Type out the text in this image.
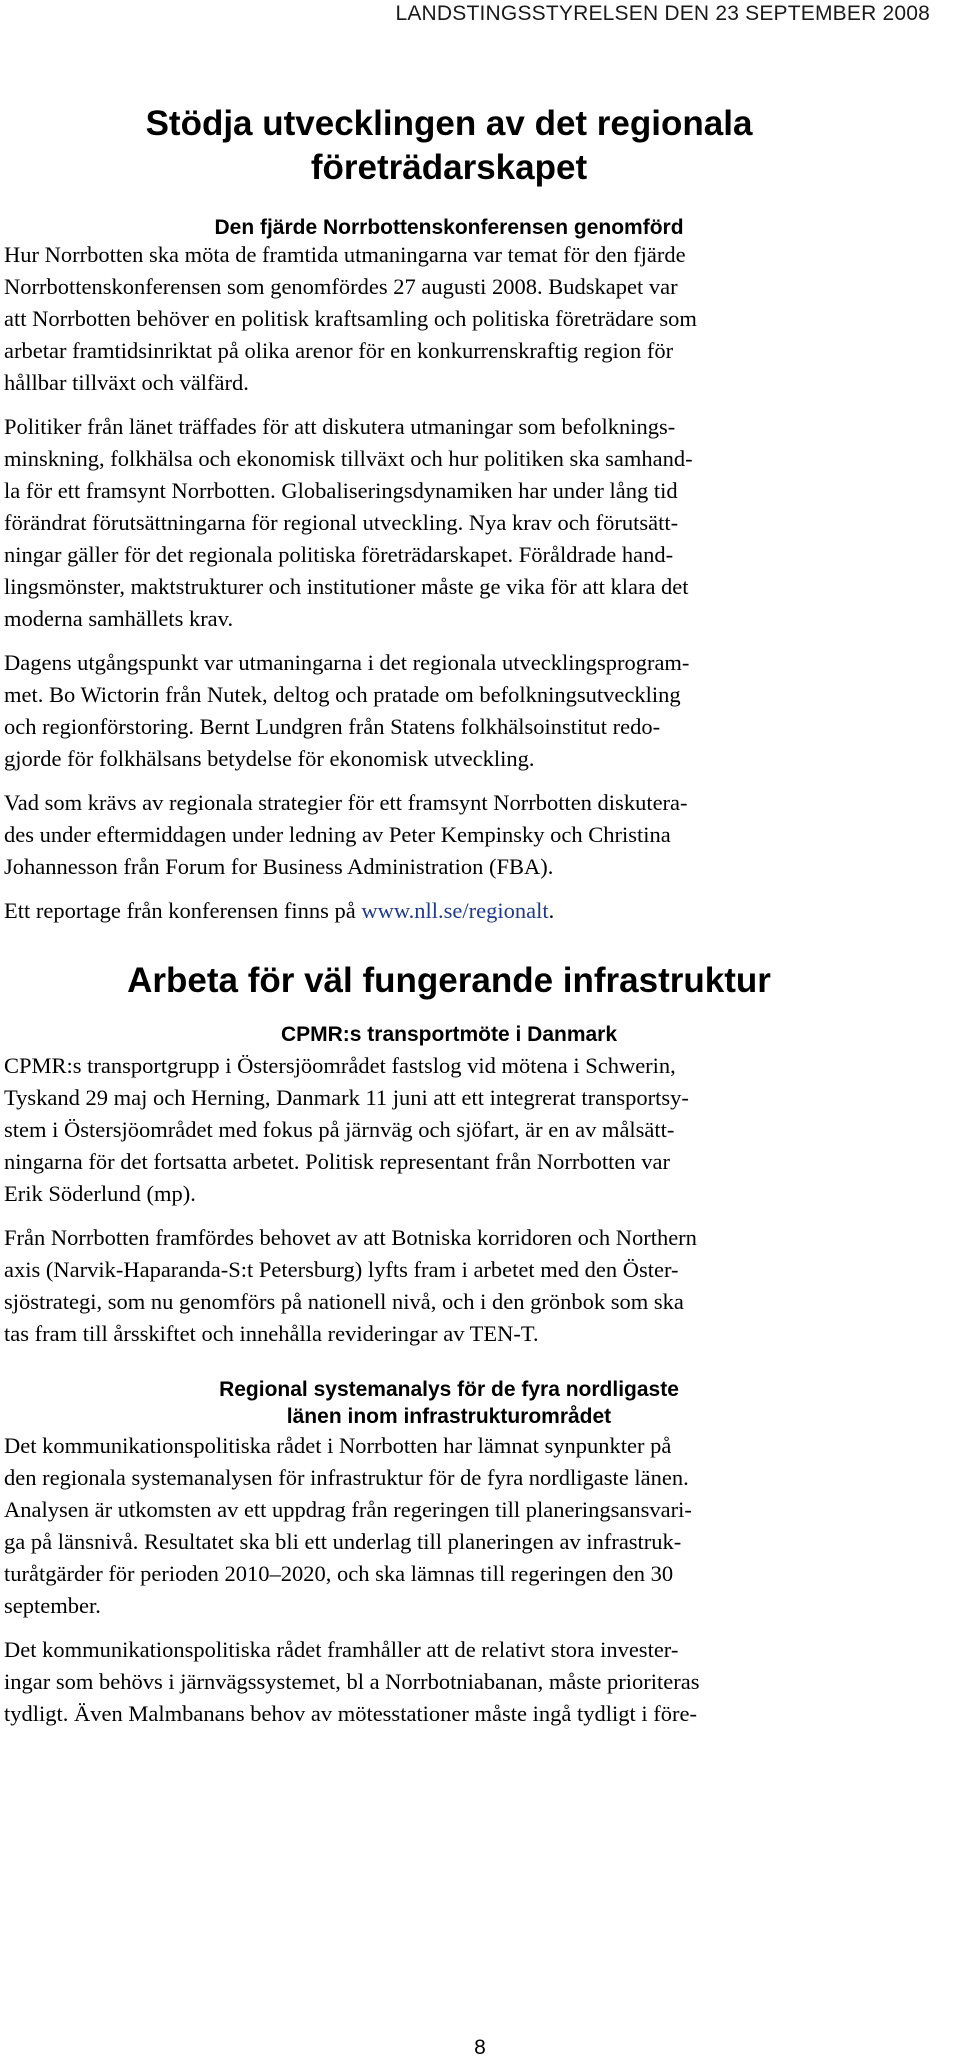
LANDSTINGSSTYRELSEN DEN 23 SEPTEMBER 2008
Stödja utvecklingen av det regionala
företrädarskapet
Den fjärde Norrbottenskonferensen genomförd

Hur Norrbotten ska möta de framtida utmaningarna var temat för den fjärde
Norrbottenskonferensen som genomfördes 27 augusti 2008. Budskapet var
att Norrbotten behöver en politisk kraftsamling och politiska företrädare som
arbetar framtidsinriktat på olika arenor för en konkurrenskraftig region för
hållbar tillväxt och välfärd.

Politiker från länet träffades för att diskutera utmaningar som befolknings-
minskning, folkhälsa och ekonomisk tillväxt och hur politiken ska samhand-
la för ett framsynt Norrbotten. Globaliseringsdynamiken har under lång tid
förändrat förutsättningarna för regional utveckling. Nya krav och förutsätt-
ningar gäller för det regionala politiska företrädarskapet. Föråldrade hand-
lingsmönster, maktstrukturer och institutioner måste ge vika för att klara det
moderna samhällets krav.

Dagens utgångspunkt var utmaningarna i det regionala utvecklingsprogram-
met. Bo Wictorin från Nutek, deltog och pratade om befolkningsutveckling
och regionförstoring. Bernt Lundgren från Statens folkhälsoinstitut redo-
gjorde för folkhälsans betydelse för ekonomisk utveckling.

Vad som krävs av regionala strategier för ett framsynt Norrbotten diskutera-
des under eftermiddagen under ledning av Peter Kempinsky och Christina
Johannesson från Forum for Business Administration (FBA).

Ett reportage från konferensen finns på www.nll.se/regionalt.

Arbeta för väl fungerande infrastruktur
CPMR:s transportmöte i Danmark

CPMR:s transportgrupp i Östersjöområdet fastslog vid mötena i Schwerin,
Tyskand 29 maj och Herning, Danmark 11 juni att ett integrerat transportsy-
stem i Östersjöområdet med fokus på järnväg och sjöfart, är en av målsätt-
ningarna för det fortsatta arbetet. Politisk representant från Norrbotten var
Erik Söderlund (mp).

Från Norrbotten framfördes behovet av att Botniska korridoren och Northern
axis (Narvik-Haparanda-S:t Petersburg) lyfts fram i arbetet med den Öster-
sjöstrategi, som nu genomförs på nationell nivå, och i den grönbok som ska
tas fram till årsskiftet och innehålla revideringar av TEN-T.

Regional systemanalys för de fyra nordligaste
länen inom infrastrukturområdet

Det kommunikationspolitiska rådet i Norrbotten har lämnat synpunkter på
den regionala systemanalysen för infrastruktur för de fyra nordligaste länen.
Analysen är utkomsten av ett uppdrag från regeringen till planeringsansvari-
ga på länsnivå. Resultatet ska bli ett underlag till planeringen av infrastruk-
turåtgärder för perioden 2010–2020, och ska lämnas till regeringen den 30
september.

Det kommunikationspolitiska rådet framhåller att de relativt stora invester-
ingar som behövs i järnvägssystemet, bl a Norrbotniabanan, måste prioriteras
tydligt. Även Malmbanans behov av mötesstationer måste ingå tydligt i före-

8
